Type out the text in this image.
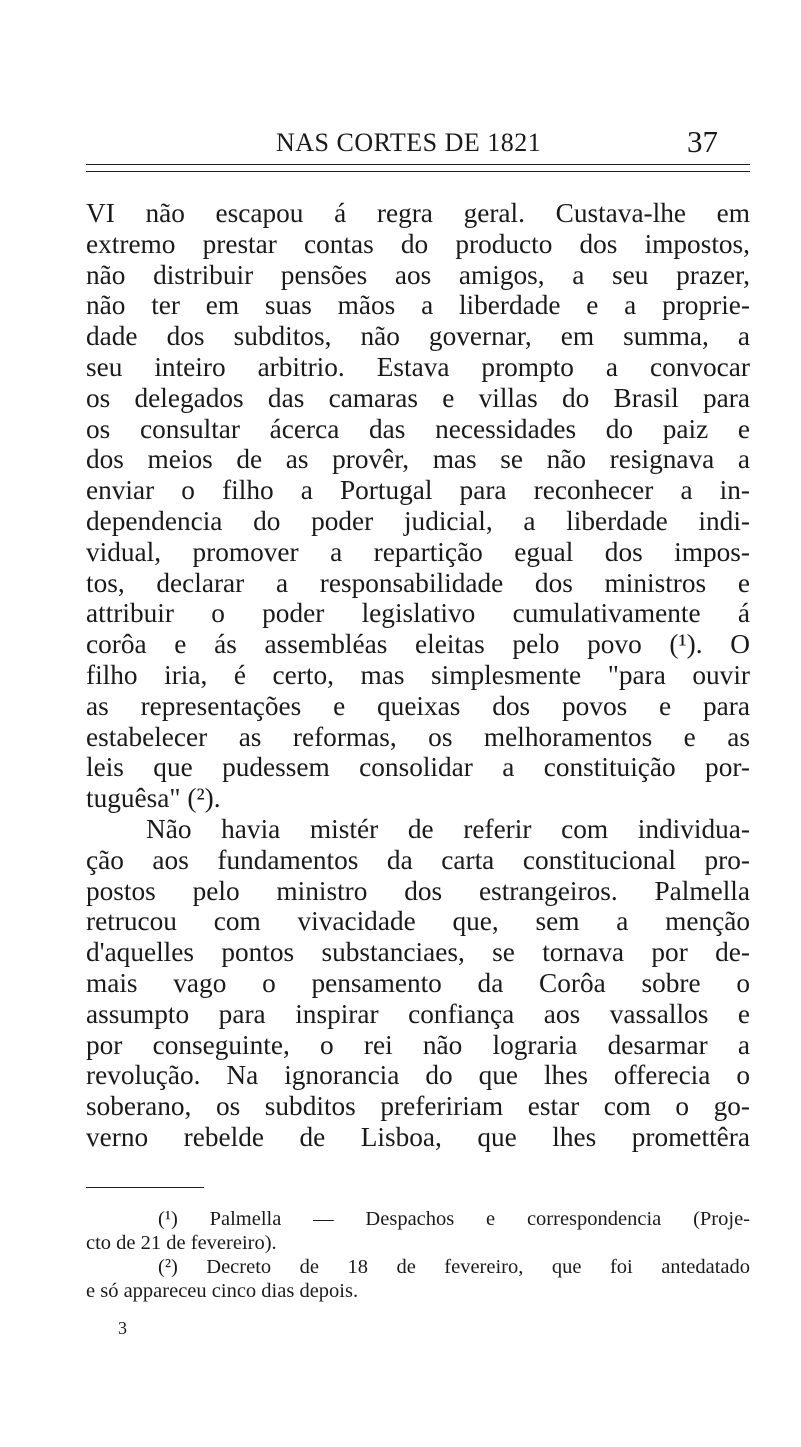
NAS CORTES DE 1821	37
VI não escapou á regra geral. Custava-lhe em
extremo prestar contas do producto dos impostos,
não distribuir pensões aos amigos, a seu prazer,
não ter em suas mãos a liberdade e a proprie-
dade dos subditos, não governar, em summa, a
seu inteiro arbitrio. Estava prompto a convocar
os delegados das camaras e villas do Brasil para
os consultar ácerca das necessidades do paiz e
dos meios de as provêr, mas se não resignava a
enviar o filho a Portugal para reconhecer a in-
dependencia do poder judicial, a liberdade indi-
vidual, promover a repartição egual dos impos-
tos, declarar a responsabilidade dos ministros e
attribuir o poder legislativo cumulativamente á
corôa e ás assembléas eleitas pelo povo (¹). O
filho iria, é certo, mas simplesmente "para ouvir
as representações e queixas dos povos e para
estabelecer as reformas, os melhoramentos e as
leis que pudessem consolidar a constituição por-
tuguêsa" (²).
Não havia mistér de referir com individua-
ção aos fundamentos da carta constitucional pro-
postos pelo ministro dos estrangeiros. Palmella
retrucou com vivacidade que, sem a menção
d'aquelles pontos substanciaes, se tornava por de-
mais vago o pensamento da Corôa sobre o
assumpto para inspirar confiança aos vassallos e
por conseguinte, o rei não lograria desarmar a
revolução. Na ignorancia do que lhes offerecia o
soberano, os subditos prefeririam estar com o go-
verno rebelde de Lisboa, que lhes promettêra
(¹) Palmella — Despachos e correspondencia (Proje-
cto de 21 de fevereiro).
(²) Decreto de 18 de fevereiro, que foi antedatado
e só appareceu cinco dias depois.
3
